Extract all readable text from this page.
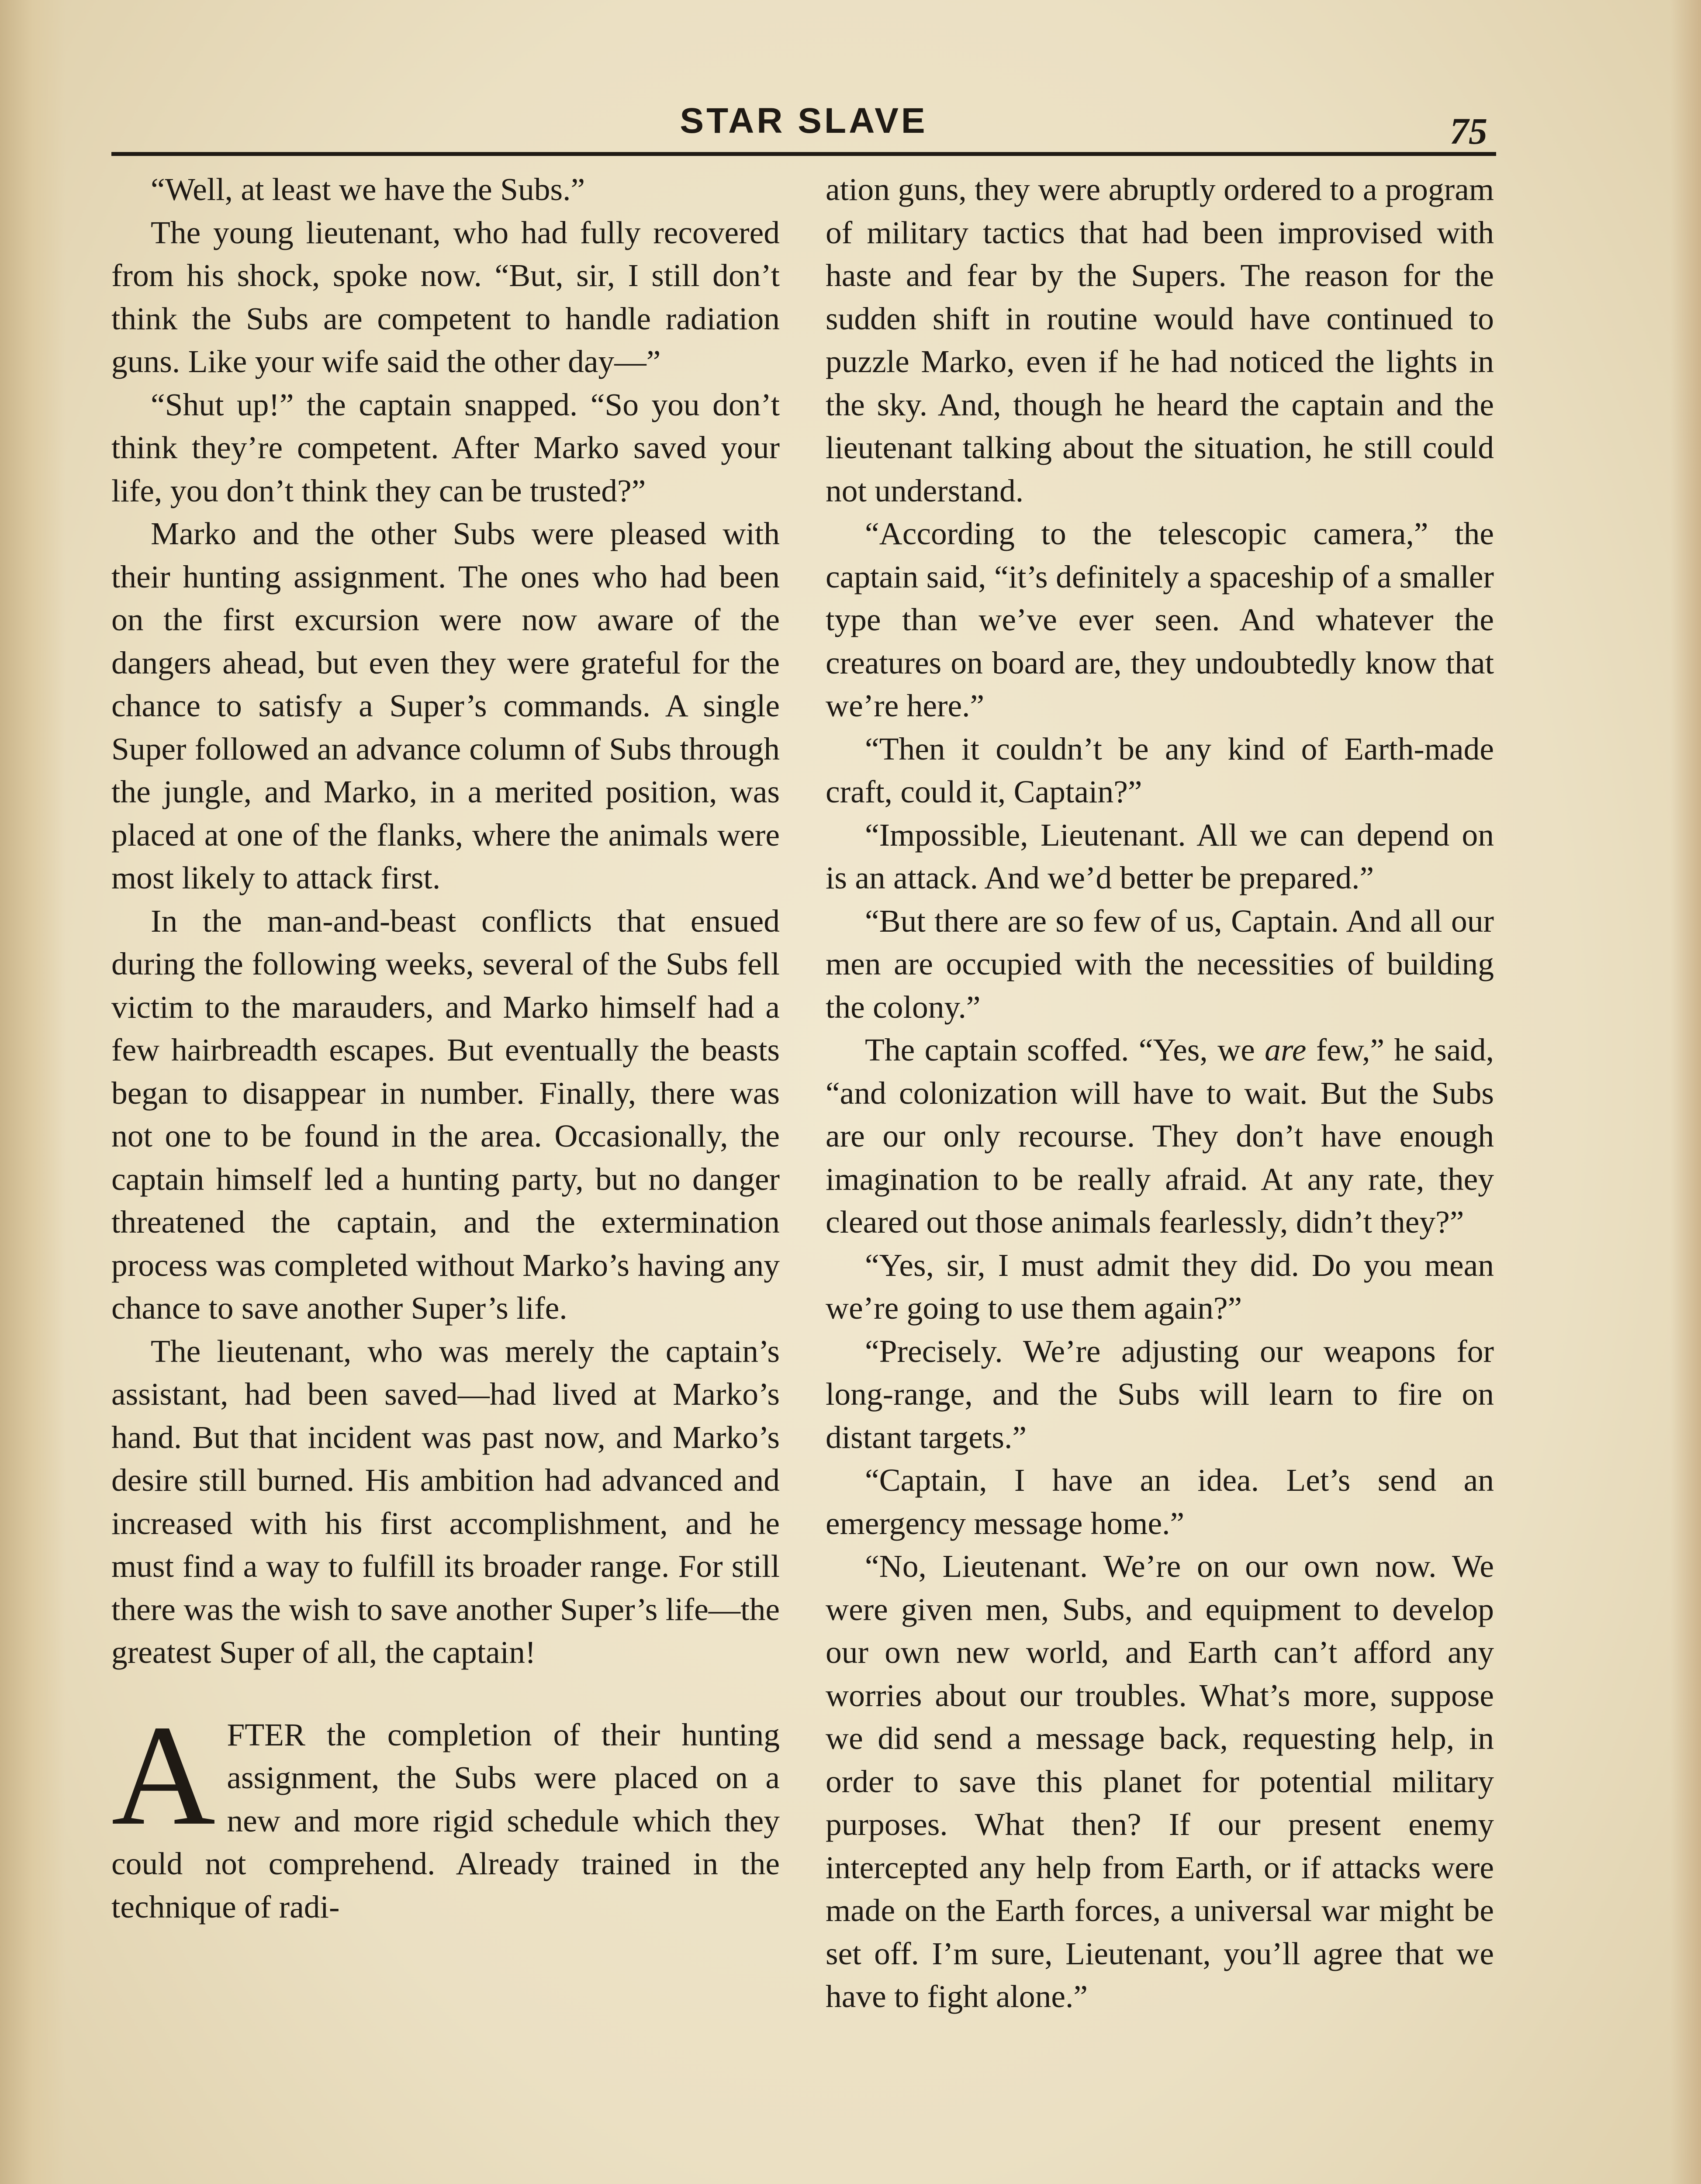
STAR SLAVE	75

“Well, at least we have the Subs.”

The young lieutenant, who had fully recovered from his shock, spoke now. “But, sir, I still don’t think the Subs are competent to handle radiation guns. Like your wife said the other day—”

“Shut up!” the captain snapped. “So you don’t think they’re competent. After Marko saved your life, you don’t think they can be trusted?”

Marko and the other Subs were pleased with their hunting assignment. The ones who had been on the first excursion were now aware of the dangers ahead, but even they were grateful for the chance to satisfy a Super’s commands. A single Super followed an advance column of Subs through the jungle, and Marko, in a merited position, was placed at one of the flanks, where the animals were most likely to attack first.

In the man-and-beast conflicts that ensued during the following weeks, several of the Subs fell victim to the marauders, and Marko himself had a few hairbreadth escapes. But eventually the beasts began to disappear in number. Finally, there was not one to be found in the area. Occasionally, the captain himself led a hunting party, but no danger threatened the captain, and the extermination process was completed without Marko’s having any chance to save another Super’s life.

The lieutenant, who was merely the captain’s assistant, had been saved—had lived at Marko’s hand. But that incident was past now, and Marko’s desire still burned. His ambition had advanced and increased with his first accomplishment, and he must find a way to fulfill its broader range. For still there was the wish to save another Super’s life—the greatest Super of all, the captain!

AFTER the completion of their hunting assignment, the Subs were placed on a new and more rigid schedule which they could not comprehend. Already trained in the technique of radi-

ation guns, they were abruptly ordered to a program of military tactics that had been improvised with haste and fear by the Supers. The reason for the sudden shift in routine would have continued to puzzle Marko, even if he had noticed the lights in the sky. And, though he heard the captain and the lieutenant talking about the situation, he still could not understand.

“According to the telescopic camera,” the captain said, “it’s definitely a spaceship of a smaller type than we’ve ever seen. And whatever the creatures on board are, they undoubtedly know that we’re here.”

“Then it couldn’t be any kind of Earth-made craft, could it, Captain?”

“Impossible, Lieutenant. All we can depend on is an attack. And we’d better be prepared.”

“But there are so few of us, Captain. And all our men are occupied with the necessities of building the colony.”

The captain scoffed. “Yes, we are few,” he said, “and colonization will have to wait. But the Subs are our only recourse. They don’t have enough imagination to be really afraid. At any rate, they cleared out those animals fearlessly, didn’t they?”

“Yes, sir, I must admit they did. Do you mean we’re going to use them again?”

“Precisely. We’re adjusting our weapons for long-range, and the Subs will learn to fire on distant targets.”

“Captain, I have an idea. Let’s send an emergency message home.”

“No, Lieutenant. We’re on our own now. We were given men, Subs, and equipment to develop our own new world, and Earth can’t afford any worries about our troubles. What’s more, suppose we did send a message back, requesting help, in order to save this planet for potential military purposes. What then? If our present enemy intercepted any help from Earth, or if attacks were made on the Earth forces, a universal war might be set off. I’m sure, Lieutenant, you’ll agree that we have to fight alone.”
